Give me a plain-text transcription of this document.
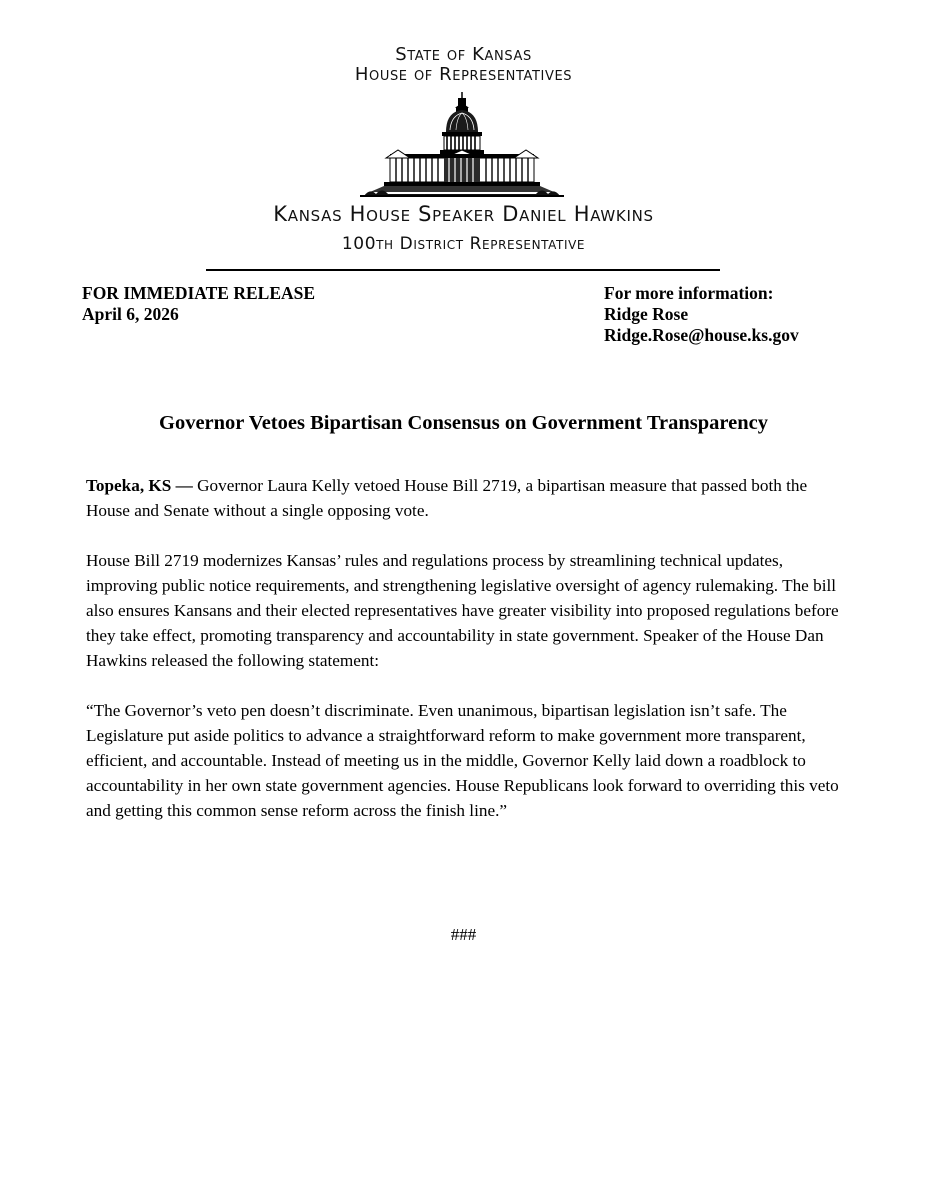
State of Kansas
House of Representatives
Kansas House Speaker Daniel Hawkins
100th District Representative
FOR IMMEDIATE RELEASE
April 6, 2026
For more information:
Ridge Rose
Ridge.Rose@house.ks.gov
Governor Vetoes Bipartisan Consensus on Government Transparency

Topeka, KS — Governor Laura Kelly vetoed House Bill 2719, a bipartisan measure that passed both the House and Senate without a single opposing vote.

House Bill 2719 modernizes Kansas’ rules and regulations process by streamlining technical updates, improving public notice requirements, and strengthening legislative oversight of agency rulemaking. The bill also ensures Kansans and their elected representatives have greater visibility into proposed regulations before they take effect, promoting transparency and accountability in state government. Speaker of the House Dan Hawkins released the following statement:

“The Governor’s veto pen doesn’t discriminate. Even unanimous, bipartisan legislation isn’t safe. The Legislature put aside politics to advance a straightforward reform to make government more transparent, efficient, and accountable. Instead of meeting us in the middle, Governor Kelly laid down a roadblock to accountability in her own state government agencies. House Republicans look forward to overriding this veto and getting this common sense reform across the finish line.”

###
